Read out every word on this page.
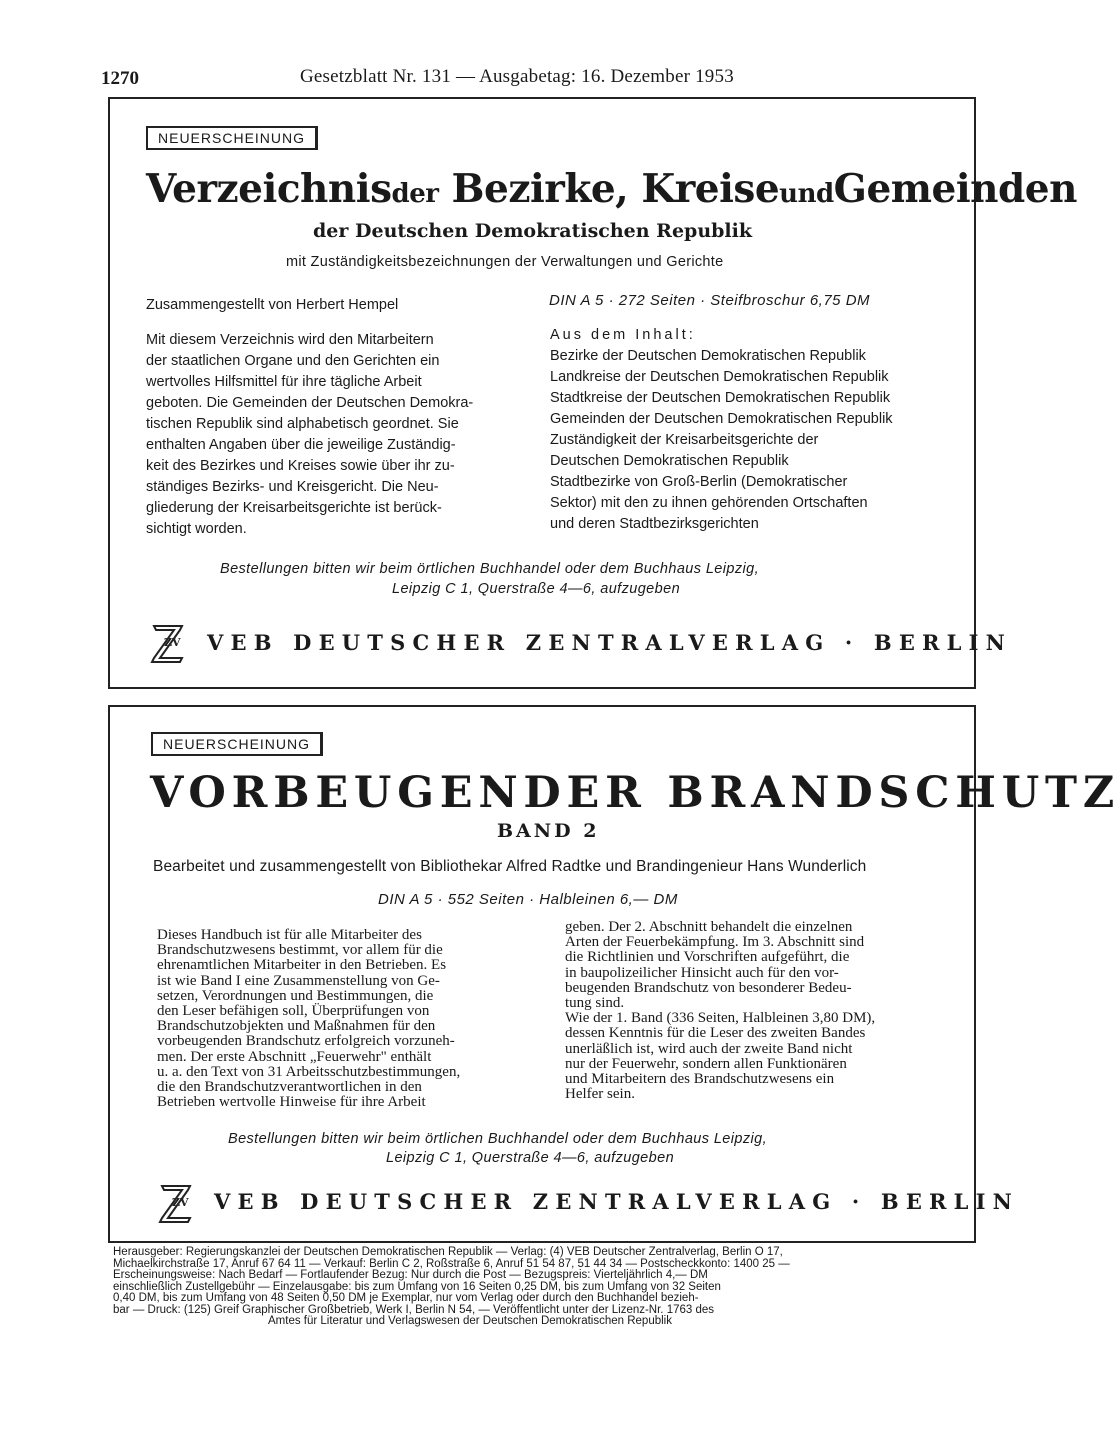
1270	Gesetzblatt Nr. 131 — Ausgabetag: 16. Dezember 1953
NEUERSCHEINUNG
Verzeichnisder Bezirke, KreiseundGemeinden
der Deutschen Demokratischen Republik
mit Zuständigkeitsbezeichnungen der Verwaltungen und Gerichte
Zusammengestellt von Herbert Hempel	DIN A 5 · 272 Seiten · Steifbroschur 6,75 DM
Mit diesem Verzeichnis wird den Mitarbeitern
der staatlichen Organe und den Gerichten ein
wertvolles Hilfsmittel für ihre tägliche Arbeit
geboten. Die Gemeinden der Deutschen Demokra-
tischen Republik sind alphabetisch geordnet. Sie
enthalten Angaben über die jeweilige Zuständig-
keit des Bezirkes und Kreises sowie über ihr zu-
ständiges Bezirks- und Kreisgericht. Die Neu-
gliederung der Kreisarbeitsgerichte ist berück-
sichtigt worden.
Aus dem Inhalt:
Bezirke der Deutschen Demokratischen Republik
Landkreise der Deutschen Demokratischen Republik
Stadtkreise der Deutschen Demokratischen Republik
Gemeinden der Deutschen Demokratischen Republik
Zuständigkeit der Kreisarbeitsgerichte der
Deutschen Demokratischen Republik
Stadtbezirke von Groß-Berlin (Demokratischer
Sektor) mit den zu ihnen gehörenden Ortschaften
und deren Stadtbezirksgerichten
Bestellungen bitten wir beim örtlichen Buchhandel oder dem Buchhaus Leipzig,
Leipzig C 1, Querstraße 4—6, aufzugeben
ZV VEB DEUTSCHER ZENTRALVERLAG · BERLIN
NEUERSCHEINUNG
VORBEUGENDER BRANDSCHUTZ
BAND 2
Bearbeitet und zusammengestellt von Bibliothekar Alfred Radtke und Brandingenieur Hans Wunderlich
DIN A 5 · 552 Seiten · Halbleinen 6,— DM
Dieses Handbuch ist für alle Mitarbeiter des
Brandschutzwesens bestimmt, vor allem für die
ehrenamtlichen Mitarbeiter in den Betrieben. Es
ist wie Band I eine Zusammenstellung von Ge-
setzen, Verordnungen und Bestimmungen, die
den Leser befähigen soll, Überprüfungen von
Brandschutzobjekten und Maßnahmen für den
vorbeugenden Brandschutz erfolgreich vorzuneh-
men. Der erste Abschnitt „Feuerwehr" enthält
u. a. den Text von 31 Arbeitsschutzbestimmungen,
die den Brandschutzverantwortlichen in den
Betrieben wertvolle Hinweise für ihre Arbeit
geben. Der 2. Abschnitt behandelt die einzelnen
Arten der Feuerbekämpfung. Im 3. Abschnitt sind
die Richtlinien und Vorschriften aufgeführt, die
in baupolizeilicher Hinsicht auch für den vor-
beugenden Brandschutz von besonderer Bedeu-
tung sind.
Wie der 1. Band (336 Seiten, Halbleinen 3,80 DM),
dessen Kenntnis für die Leser des zweiten Bandes
unerläßlich ist, wird auch der zweite Band nicht
nur der Feuerwehr, sondern allen Funktionären
und Mitarbeitern des Brandschutzwesens ein
Helfer sein.
Bestellungen bitten wir beim örtlichen Buchhandel oder dem Buchhaus Leipzig,
Leipzig C 1, Querstraße 4—6, aufzugeben
ZV VEB DEUTSCHER ZENTRALVERLAG · BERLIN
Herausgeber: Regierungskanzlei der Deutschen Demokratischen Republik — Verlag: (4) VEB Deutscher Zentralverlag, Berlin O 17,
Michaelkirchstraße 17, Anruf 67 64 11 — Verkauf: Berlin C 2, Roßstraße 6, Anruf 51 54 87, 51 44 34 — Postscheckkonto: 1400 25 —
Erscheinungsweise: Nach Bedarf — Fortlaufender Bezug: Nur durch die Post — Bezugspreis: Vierteljährlich 4,— DM
einschließlich Zustellgebühr — Einzelausgabe: bis zum Umfang von 16 Seiten 0,25 DM, bis zum Umfang von 32 Seiten
0,40 DM, bis zum Umfang von 48 Seiten 0,50 DM je Exemplar, nur vom Verlag oder durch den Buchhandel bezieh-
bar — Druck: (125) Greif Graphischer Großbetrieb, Werk I, Berlin N 54, — Veröffentlicht unter der Lizenz-Nr. 1763 des
Amtes für Literatur und Verlagswesen der Deutschen Demokratischen Republik
